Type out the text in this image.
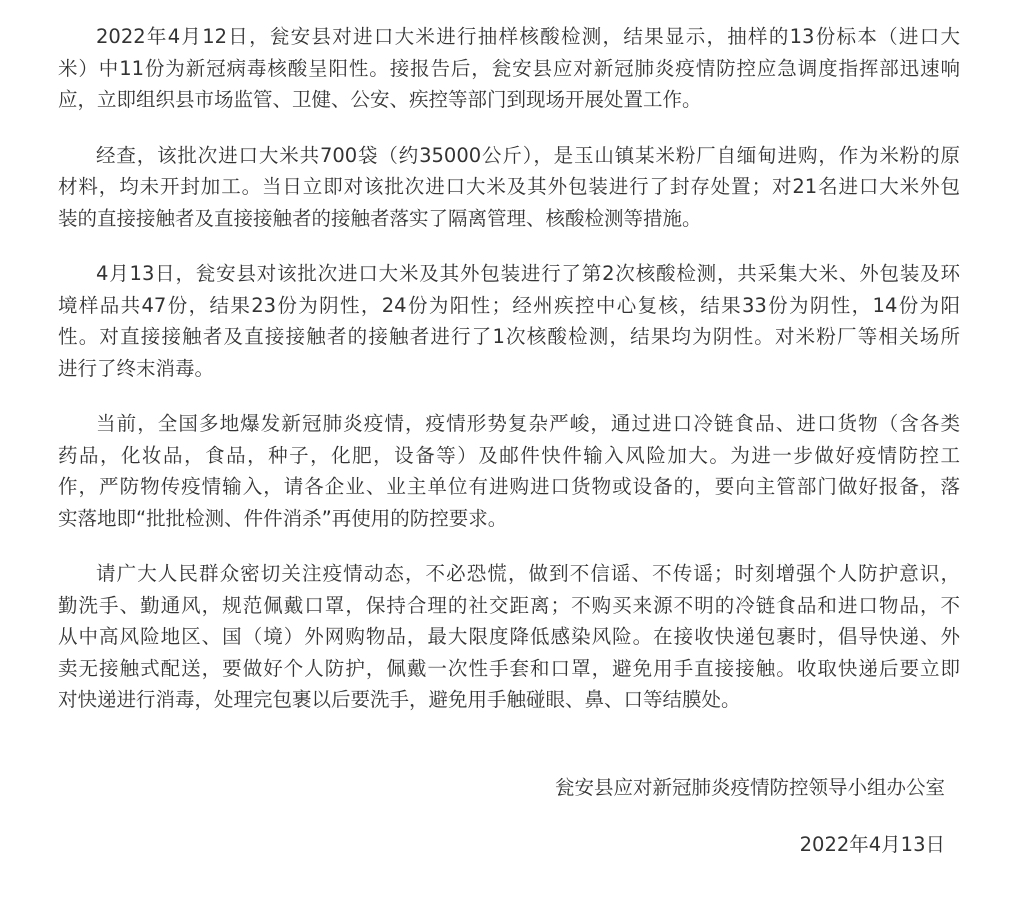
2022年4月12日，瓮安县对进口大米进行抽样核酸检测，结果显示，抽样的13份标本（进口大
米）中11份为新冠病毒核酸呈阳性。接报告后，瓮安县应对新冠肺炎疫情防控应急调度指挥部迅速响
应，立即组织县市场监管、卫健、公安、疾控等部门到现场开展处置工作。
经查，该批次进口大米共700袋（约35000公斤），是玉山镇某米粉厂自缅甸进购，作为米粉的原
材料，均未开封加工。当日立即对该批次进口大米及其外包装进行了封存处置；对21名进口大米外包
装的直接接触者及直接接触者的接触者落实了隔离管理、核酸检测等措施。
4月13日，瓮安县对该批次进口大米及其外包装进行了第2次核酸检测，共采集大米、外包装及环
境样品共47份，结果23份为阴性，24份为阳性；经州疾控中心复核，结果33份为阴性，14份为阳
性。对直接接触者及直接接触者的接触者进行了1次核酸检测，结果均为阴性。对米粉厂等相关场所
进行了终末消毒。
当前，全国多地爆发新冠肺炎疫情，疫情形势复杂严峻，通过进口冷链食品、进口货物（含各类
药品，化妆品，食品，种子，化肥，设备等）及邮件快件输入风险加大。为进一步做好疫情防控工
作，严防物传疫情输入，请各企业、业主单位有进购进口货物或设备的，要向主管部门做好报备，落
实落地即“批批检测、件件消杀”再使用的防控要求。
请广大人民群众密切关注疫情动态，不必恐慌，做到不信谣、不传谣；时刻增强个人防护意识，
勤洗手、勤通风，规范佩戴口罩，保持合理的社交距离；不购买来源不明的冷链食品和进口物品，不
从中高风险地区、国（境）外网购物品，最大限度降低感染风险。在接收快递包裹时，倡导快递、外
卖无接触式配送，要做好个人防护，佩戴一次性手套和口罩，避免用手直接接触。收取快递后要立即
对快递进行消毒，处理完包裹以后要洗手，避免用手触碰眼、鼻、口等结膜处。
瓮安县应对新冠肺炎疫情防控领导小组办公室
2022年4月13日
